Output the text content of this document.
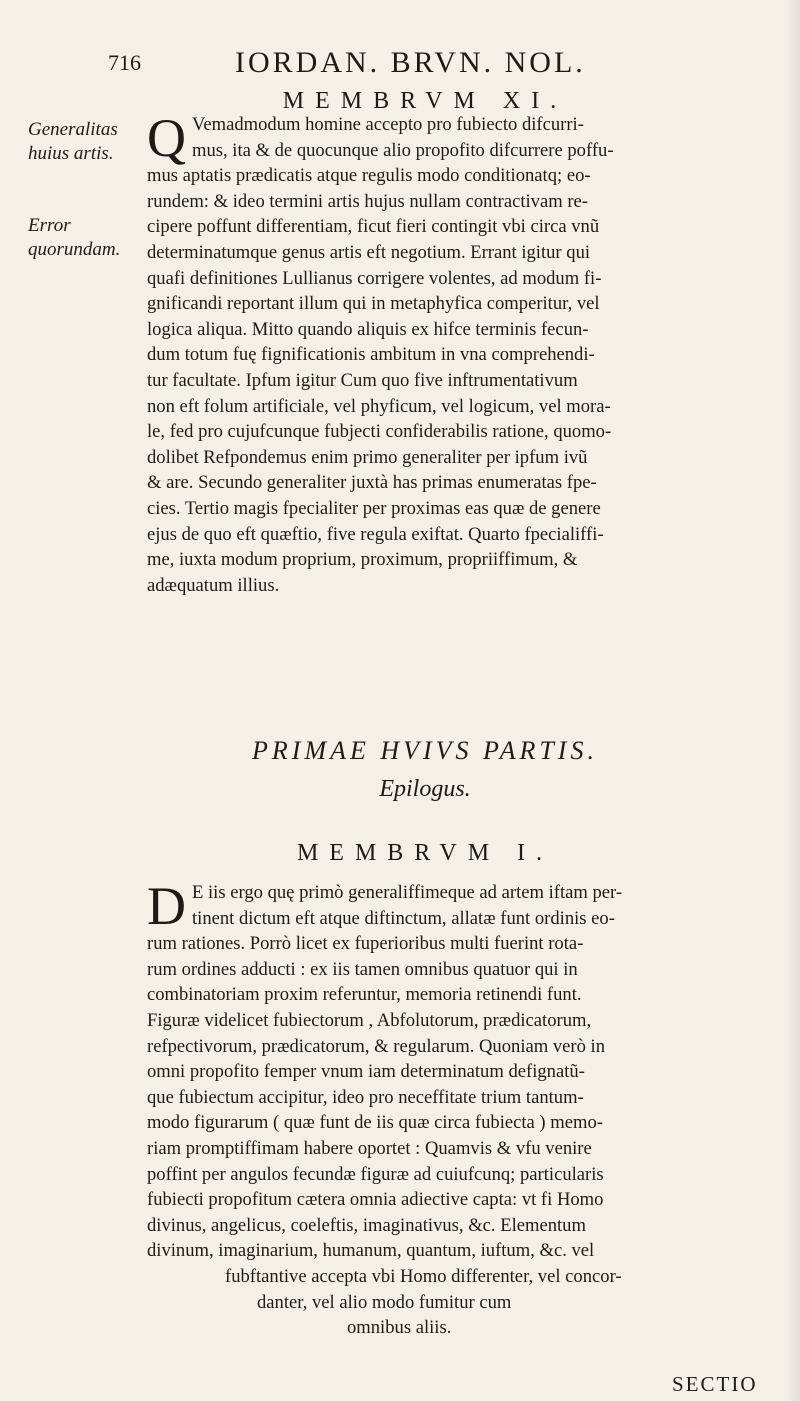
716	IORDAN. BRVN. NOL.
MEMBRVM XI.
Generalitas huius artis.
Error quorundam.
Q Vemadmodum homine accepto pro fubiecto difcurri-
mus, ita & de quocunque alio propofito difcurrere poffu-
mus aptatis prædicatis atque regulis modo conditionatq; eo-
rundem: & ideo termini artis hujus nullam contractivam re-
cipere poffunt differentiam, ficut fieri contingit vbi circa vnũ
determinatumque genus artis eft negotium. Errant igitur qui
quafi definitiones Lullianus corrigere volentes, ad modum fi-
gnificandi reportant illum qui in metaphyfica comperitur, vel
logica aliqua. Mitto quando aliquis ex hifce terminis fecun-
dum totum fuę fignificationis ambitum in vna comprehendi-
tur facultate. Ipfum igitur Cum quo five inftrumentativum
non eft folum artificiale, vel phyficum, vel logicum, vel mora-
le, fed pro cujufcunque fubjecti confiderabilis ratione, quomo-
dolibet Refpondemus enim primo generaliter per ipfum ivũ
& are. Secundo generaliter juxtà has primas enumeratas fpe-
cies. Tertio magis fpecialiter per proximas eas quæ de genere
ejus de quo eft quæftio, five regula exiftat. Quarto fpecialiffi-
me, iuxta modum proprium, proximum, propriiffimum, &
adæquatum illius.
PRIMAE HVIVS PARTIS.
Epilogus.
MEMBRVM I.
D E iis ergo quę primò generaliffimeque ad artem iftam per-
tinent dictum eft atque diftinctum, allatæ funt ordinis eo-
rum rationes. Porrò licet ex fuperioribus multi fuerint rota-
rum ordines adducti : ex iis tamen omnibus quatuor qui in
combinatoriam proxim referuntur, memoria retinendi funt.
Figuræ videlicet fubiectorum , Abfolutorum, prædicatorum,
refpectivorum, prædicatorum, & regularum. Quoniam verò in
omni propofito femper vnum iam determinatum defignatũ-
que fubiectum accipitur, ideo pro neceffitate trium tantum-
modo figurarum ( quæ funt de iis quæ circa fubiecta ) memo-
riam promptiffimam habere oportet : Quamvis & vfu venire
poffint per angulos fecundæ figuræ ad cuiufcunq; particularis
fubiecti propofitum cætera omnia adiective capta: vt fi Homo
divinus, angelicus, coeleftis, imaginativus, &c. Elementum
divinum, imaginarium, humanum, quantum, iuftum, &c. vel
fubftantive accepta vbi Homo differenter, vel concor-
danter, vel alio modo fumitur cum
omnibus aliis.
SECTIO
